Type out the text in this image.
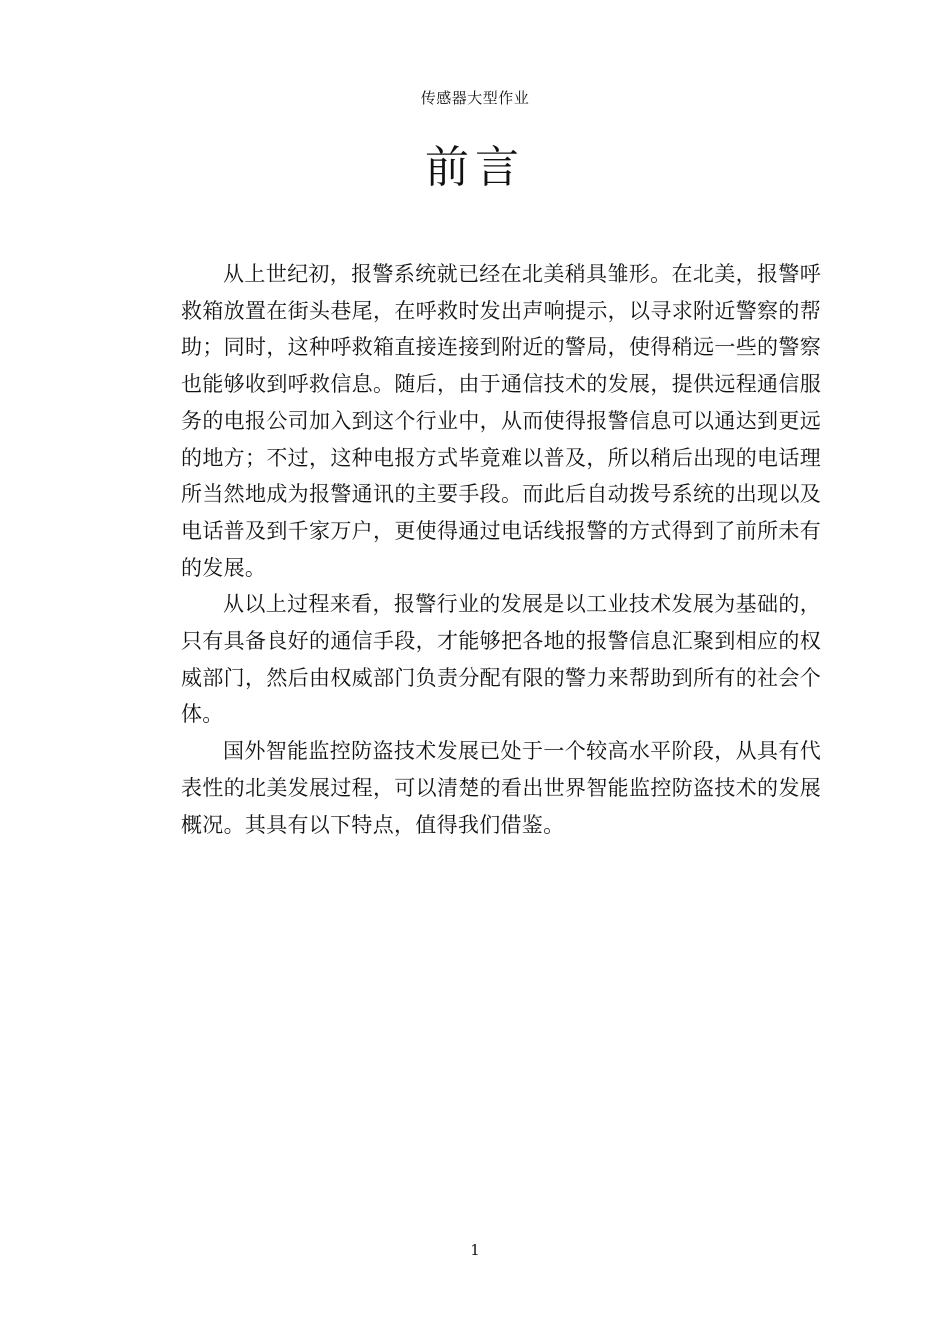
传感器大型作业
前言

从上世纪初，报警系统就已经在北美稍具雏形。在北美，报警呼救箱放置在街头巷尾，在呼救时发出声响提示，以寻求附近警察的帮助；同时，这种呼救箱直接连接到附近的警局，使得稍远一些的警察也能够收到呼救信息。随后，由于通信技术的发展，提供远程通信服务的电报公司加入到这个行业中，从而使得报警信息可以通达到更远的地方；不过，这种电报方式毕竟难以普及，所以稍后出现的电话理所当然地成为报警通讯的主要手段。而此后自动拨号系统的出现以及电话普及到千家万户，更使得通过电话线报警的方式得到了前所未有的发展。

从以上过程来看，报警行业的发展是以工业技术发展为基础的，只有具备良好的通信手段，才能够把各地的报警信息汇聚到相应的权威部门，然后由权威部门负责分配有限的警力来帮助到所有的社会个体。

国外智能监控防盗技术发展已处于一个较高水平阶段，从具有代表性的北美发展过程，可以清楚的看出世界智能监控防盗技术的发展概况。其具有以下特点，值得我们借鉴。

1
